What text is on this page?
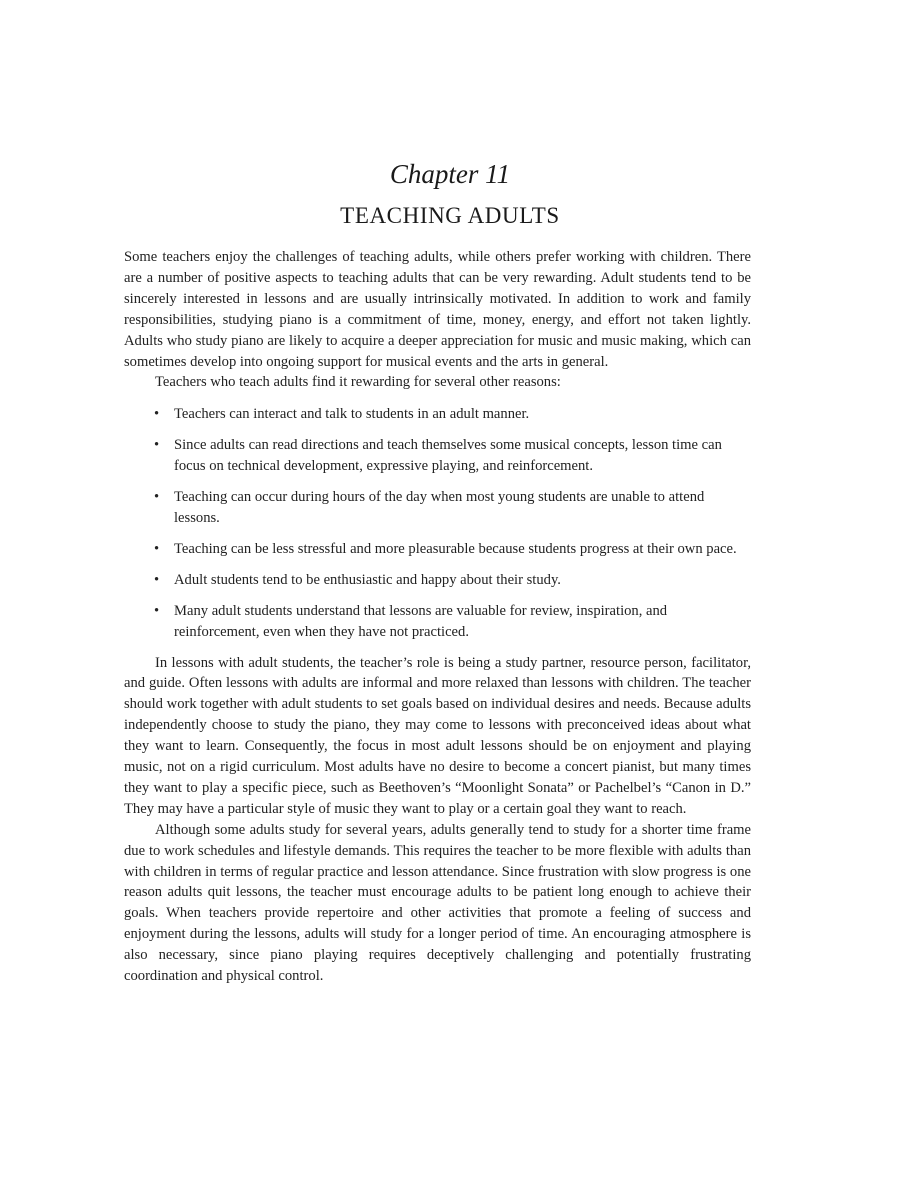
Chapter 11
TEACHING ADULTS

Some teachers enjoy the challenges of teaching adults, while others prefer working with children. There are a number of positive aspects to teaching adults that can be very rewarding. Adult students tend to be sincerely interested in lessons and are usually intrinsically motivated. In addition to work and family responsibilities, studying piano is a commitment of time, money, energy, and effort not taken lightly. Adults who study piano are likely to acquire a deeper appreciation for music and music making, which can sometimes develop into ongoing support for musical events and the arts in general.

Teachers who teach adults find it rewarding for several other reasons:

• Teachers can interact and talk to students in an adult manner.
• Since adults can read directions and teach themselves some musical concepts, lesson time can focus on technical development, expressive playing, and reinforcement.
• Teaching can occur during hours of the day when most young students are unable to attend lessons.
• Teaching can be less stressful and more pleasurable because students progress at their own pace.
• Adult students tend to be enthusiastic and happy about their study.
• Many adult students understand that lessons are valuable for review, inspiration, and reinforcement, even when they have not practiced.

In lessons with adult students, the teacher’s role is being a study partner, resource person, facilitator, and guide. Often lessons with adults are informal and more relaxed than lessons with children. The teacher should work together with adult students to set goals based on individual desires and needs. Because adults independently choose to study the piano, they may come to lessons with preconceived ideas about what they want to learn. Consequently, the focus in most adult lessons should be on enjoyment and playing music, not on a rigid curriculum. Most adults have no desire to become a concert pianist, but many times they want to play a specific piece, such as Beethoven’s “Moonlight Sonata” or Pachelbel’s “Canon in D.” They may have a particular style of music they want to play or a certain goal they want to reach.

Although some adults study for several years, adults generally tend to study for a shorter time frame due to work schedules and lifestyle demands. This requires the teacher to be more flexible with adults than with children in terms of regular practice and lesson attendance. Since frustration with slow progress is one reason adults quit lessons, the teacher must encourage adults to be patient long enough to achieve their goals. When teachers provide repertoire and other activities that promote a feeling of success and enjoyment during the lessons, adults will study for a longer period of time. An encouraging atmosphere is also necessary, since piano playing requires deceptively challenging and potentially frustrating coordination and physical control.
